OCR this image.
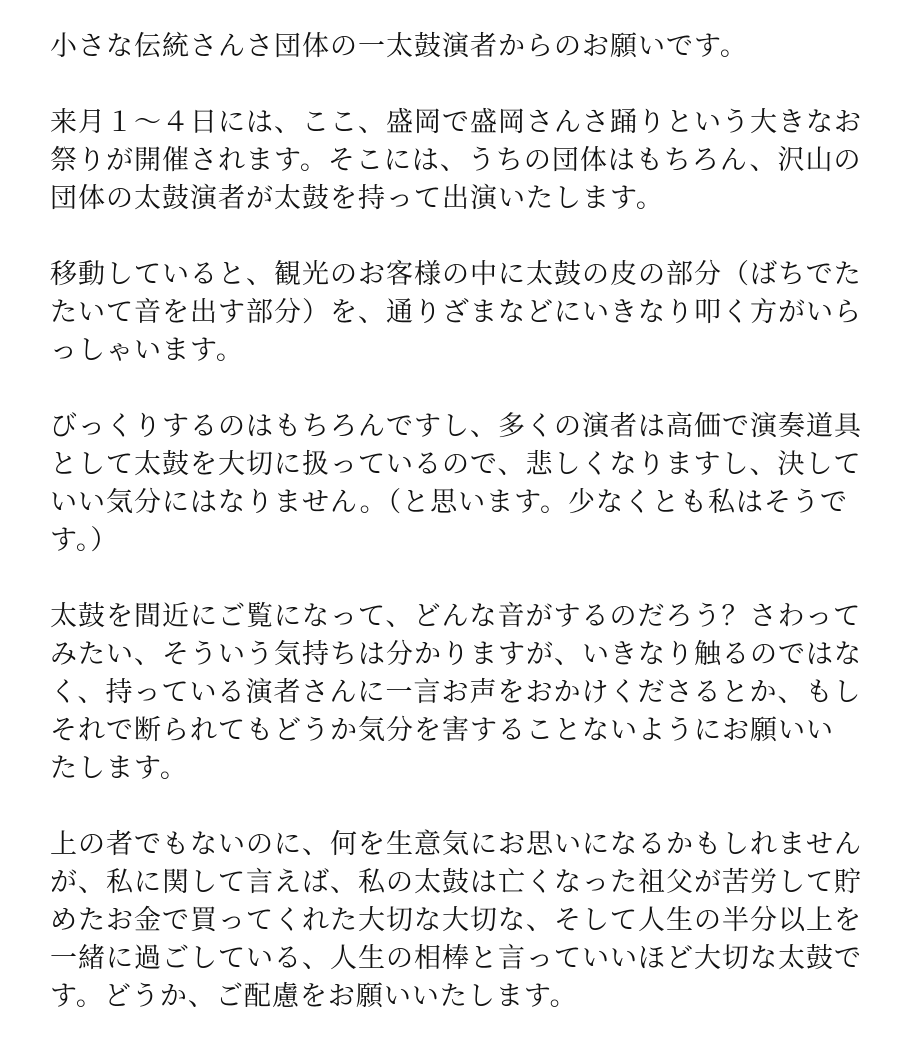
小さな伝統さんさ団体の一太鼓演者からのお願いです。

来月１～４日には、ここ、盛岡で盛岡さんさ踊りという大きなお
祭りが開催されます。そこには、うちの団体はもちろん、沢山の
団体の太鼓演者が太鼓を持って出演いたします。

移動していると、観光のお客様の中に太鼓の皮の部分（ばちでた
たいて音を出す部分）を、通りざまなどにいきなり叩く方がいら
っしゃいます。

びっくりするのはもちろんですし、多くの演者は高価で演奏道具
として太鼓を大切に扱っているので、悲しくなりますし、決して
いい気分にはなりません。（と思います。少なくとも私はそうで
す。）

太鼓を間近にご覧になって、どんな音がするのだろう？さわって
みたい、そういう気持ちは分かりますが、いきなり触るのではな
く、持っている演者さんに一言お声をおかけくださるとか、もし
それで断られてもどうか気分を害することないようにお願いい
たします。

上の者でもないのに、何を生意気にお思いになるかもしれません
が、私に関して言えば、私の太鼓は亡くなった祖父が苦労して貯
めたお金で買ってくれた大切な大切な、そして人生の半分以上を
一緒に過ごしている、人生の相棒と言っていいほど大切な太鼓で
す。どうか、ご配慮をお願いいたします。
